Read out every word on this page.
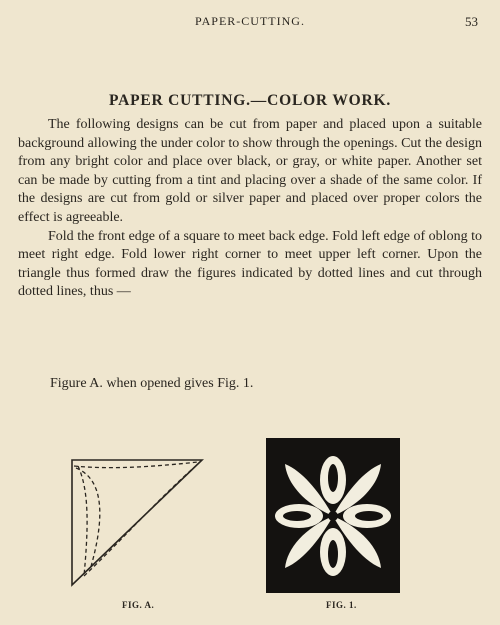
PAPER-CUTTING.	53
PAPER CUTTING.—COLOR WORK.

The following designs can be cut from paper and placed upon a suitable background allowing the under color to show through the openings. Cut the design from any bright color and place over black, or gray, or white paper. Another set can be made by cutting from a tint and placing over a shade of the same color. If the designs are cut from gold or silver paper and placed over proper colors the effect is agreeable.

Fold the front edge of a square to meet back edge. Fold left edge of oblong to meet right edge. Fold lower right corner to meet upper left corner. Upon the triangle thus formed draw the figures indicated by dotted lines and cut through dotted lines, thus —

Figure A. when opened gives Fig. 1.
FIG. A.	FIG. 1.
